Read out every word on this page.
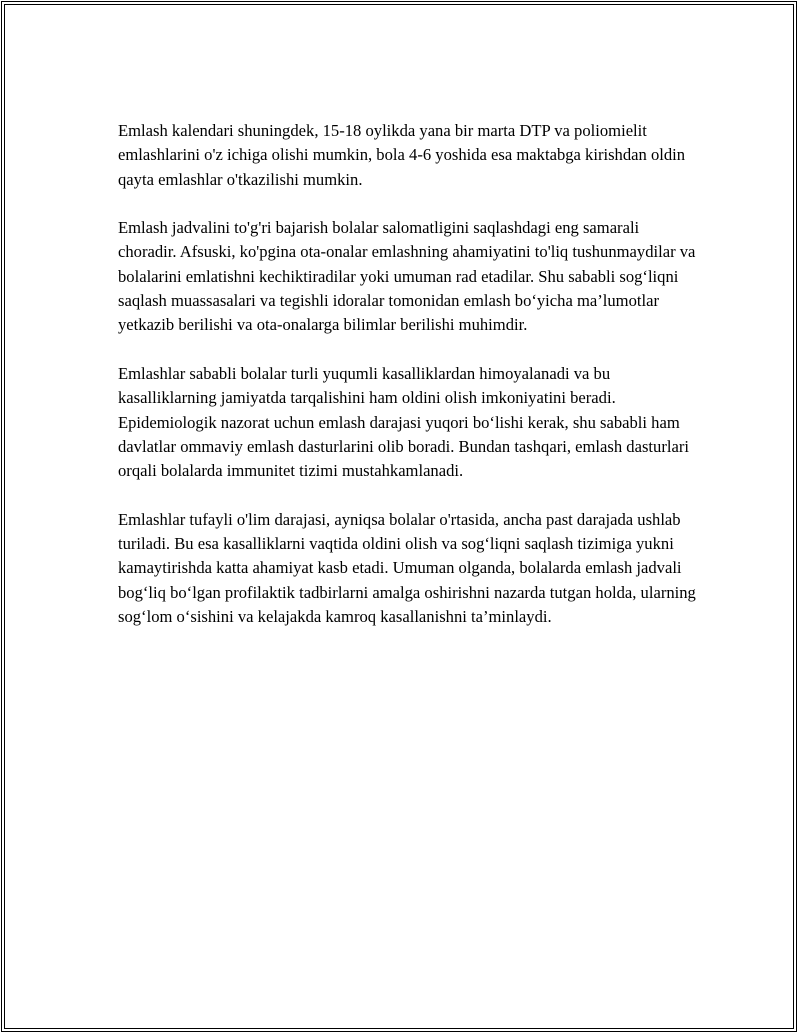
Emlash kalendari shuningdek, 15-18 oylikda yana bir marta DTP va poliomielit emlashlarini o'z ichiga olishi mumkin, bola 4-6 yoshida esa maktabga kirishdan oldin qayta emlashlar o'tkazilishi mumkin.

Emlash jadvalini to'g'ri bajarish bolalar salomatligini saqlashdagi eng samarali choradir. Afsuski, ko'pgina ota-onalar emlashning ahamiyatini to'liq tushunmaydilar va bolalarini emlatishni kechiktiradilar yoki umuman rad etadilar. Shu sababli sog‘liqni saqlash muassasalari va tegishli idoralar tomonidan emlash bo‘yicha ma’lumotlar yetkazib berilishi va ota-onalarga bilimlar berilishi muhimdir.

Emlashlar sababli bolalar turli yuqumli kasalliklardan himoyalanadi va bu kasalliklarning jamiyatda tarqalishini ham oldini olish imkoniyatini beradi. Epidemiologik nazorat uchun emlash darajasi yuqori bo‘lishi kerak, shu sababli ham davlatlar ommaviy emlash dasturlarini olib boradi. Bundan tashqari, emlash dasturlari orqali bolalarda immunitet tizimi mustahkamlanadi.

Emlashlar tufayli o'lim darajasi, ayniqsa bolalar o'rtasida, ancha past darajada ushlab turiladi. Bu esa kasalliklarni vaqtida oldini olish va sog‘liqni saqlash tizimiga yukni kamaytirishda katta ahamiyat kasb etadi. Umuman olganda, bolalarda emlash jadvali bog‘liq bo‘lgan profilaktik tadbirlarni amalga oshirishni nazarda tutgan holda, ularning sog‘lom o‘sishini va kelajakda kamroq kasallanishni ta’minlaydi.
